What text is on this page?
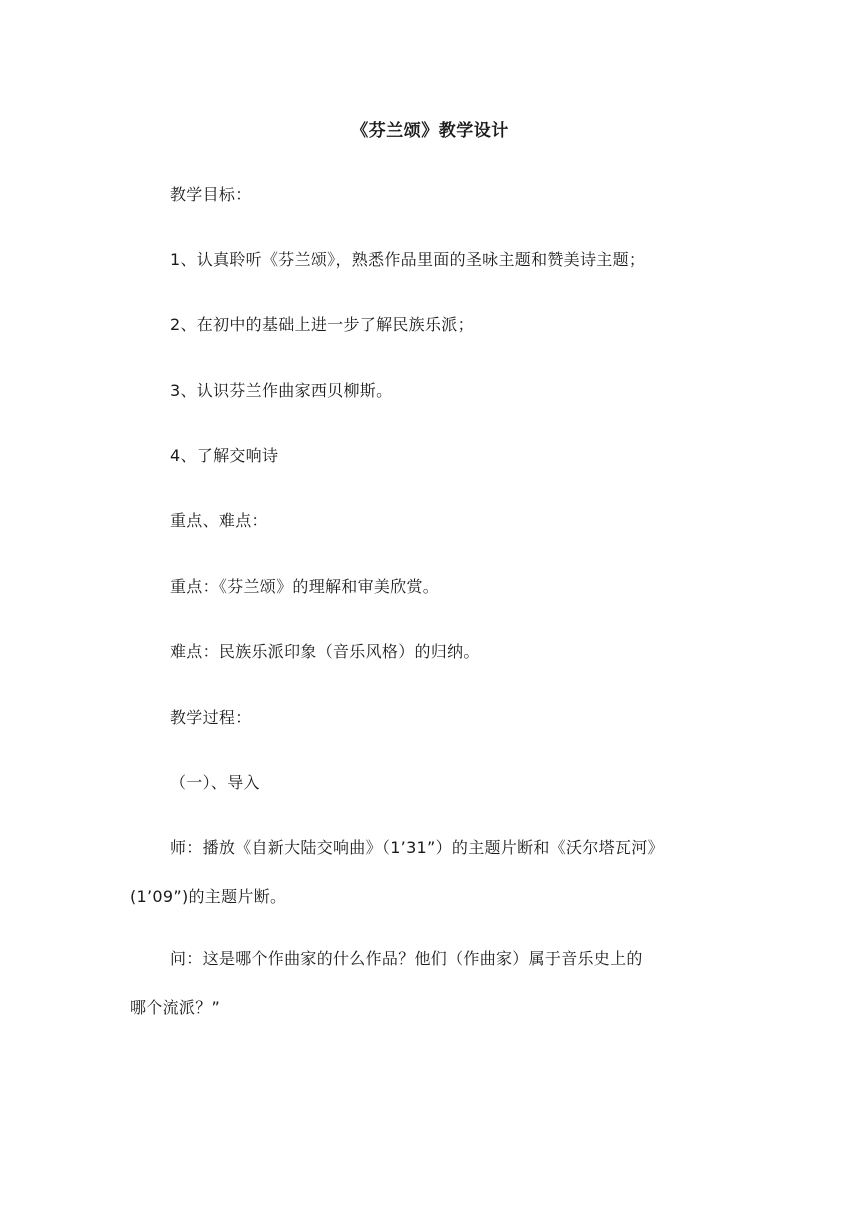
《芬兰颂》教学设计
教学目标：
1、认真聆听《芬兰颂》，熟悉作品里面的圣咏主题和赞美诗主题；
2、在初中的基础上进一步了解民族乐派；
3、认识芬兰作曲家西贝柳斯。
4、了解交响诗
重点、难点：
重点：《芬兰颂》的理解和审美欣赏。
难点：民族乐派印象（音乐风格）的归纳。
教学过程：
（一）、导入
师：播放《自新大陆交响曲》（1’31”）的主题片断和《沃尔塔瓦河》
(1’09”)的主题片断。
问：这是哪个作曲家的什么作品？他们（作曲家）属于音乐史上的
哪个流派？”
